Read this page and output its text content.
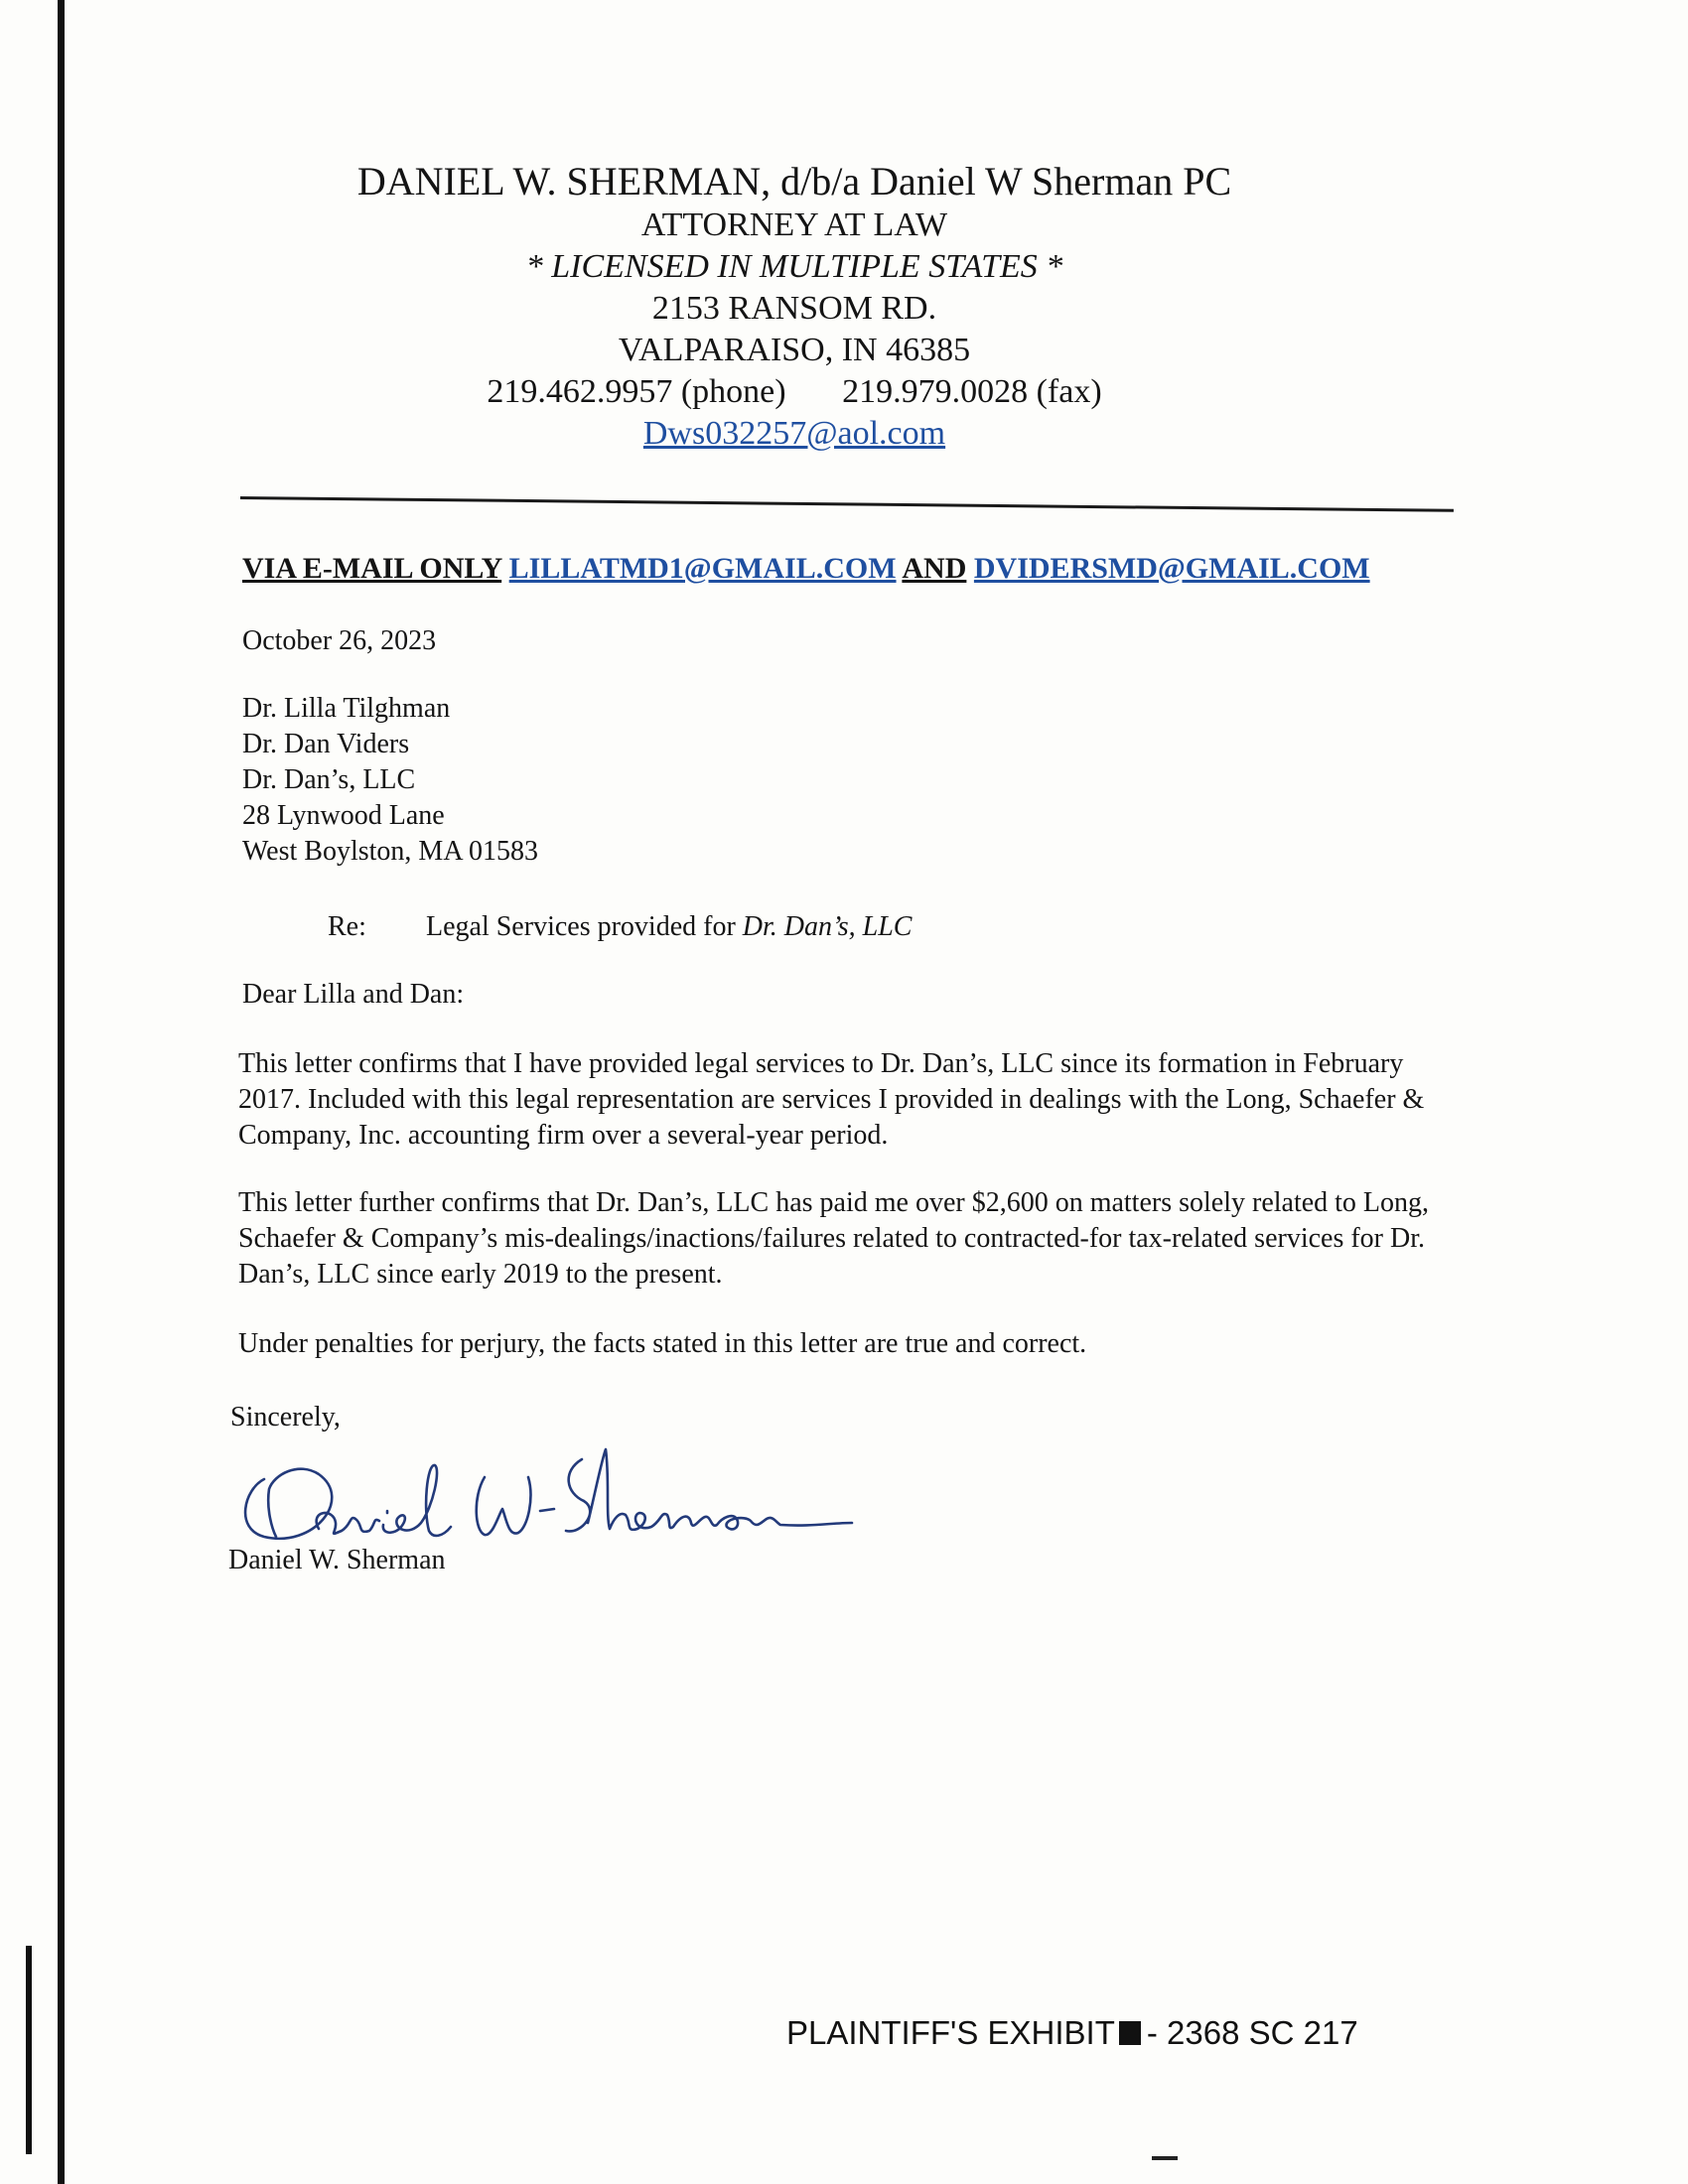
DANIEL W. SHERMAN, d/b/a Daniel W Sherman PC
ATTORNEY AT LAW
* LICENSED IN MULTIPLE STATES *
2153 RANSOM RD.
VALPARAISO, IN 46385
219.462.9957 (phone) 219.979.0028 (fax)
Dws032257@aol.com
VIA E-MAIL ONLY LILLATMD1@GMAIL.COM AND DVIDERSMD@GMAIL.COM
October 26, 2023
Dr. Lilla Tilghman
Dr. Dan Viders
Dr. Dan’s, LLC
28 Lynwood Lane
West Boylston, MA 01583
Re: Legal Services provided for Dr. Dan’s, LLC
Dear Lilla and Dan:
This letter confirms that I have provided legal services to Dr. Dan’s, LLC since its formation in February 2017. Included with this legal representation are services I provided in dealings with the Long, Schaefer & Company, Inc. accounting firm over a several-year period.
This letter further confirms that Dr. Dan’s, LLC has paid me over $2,600 on matters solely related to Long, Schaefer & Company’s mis-dealings/inactions/failures related to contracted-for tax-related services for Dr. Dan’s, LLC since early 2019 to the present.
Under penalties for perjury, the facts stated in this letter are true and correct.
Sincerely,
Daniel W. Sherman
PLAINTIFF'S EXHIBIT - 2368 SC 217
